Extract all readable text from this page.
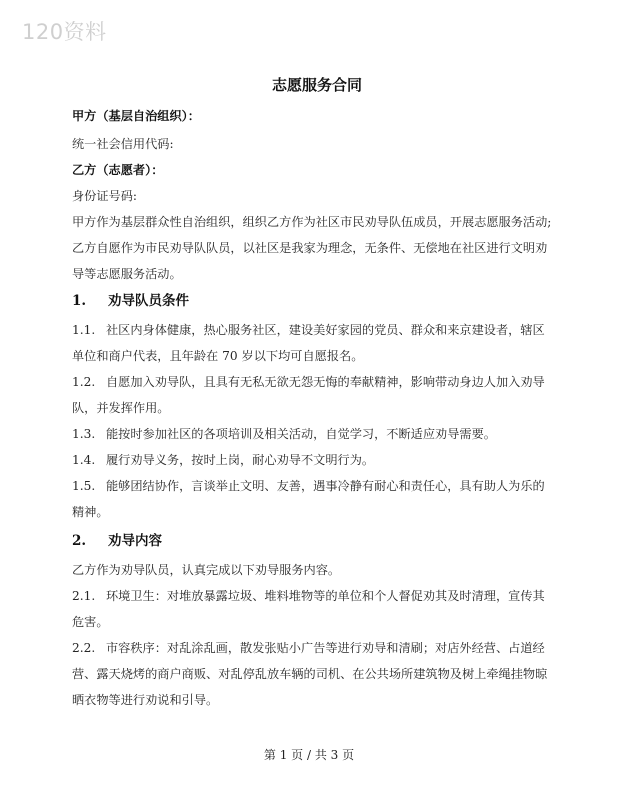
120资料
志愿服务合同
甲方（基层自治组织）：
统一社会信用代码:
乙方（志愿者）：
身份证号码:
甲方作为基层群众性自治组织，组织乙方作为社区市民劝导队伍成员，开展志愿服务活动;
乙方自愿作为市民劝导队队员，以社区是我家为理念，无条件、无偿地在社区进行文明劝
导等志愿服务活动。
1. 劝导队员条件
1.1. 社区内身体健康，热心服务社区，建设美好家园的党员、群众和来京建设者，辖区
单位和商户代表，且年龄在 70 岁以下均可自愿报名。
1.2. 自愿加入劝导队，且具有无私无欲无怨无悔的奉献精神，影响带动身边人加入劝导
队，并发挥作用。
1.3. 能按时参加社区的各项培训及相关活动，自觉学习，不断适应劝导需要。
1.4. 履行劝导义务，按时上岗，耐心劝导不文明行为。
1.5. 能够团结协作，言谈举止文明、友善，遇事冷静有耐心和责任心，具有助人为乐的
精神。
2. 劝导内容
乙方作为劝导队员，认真完成以下劝导服务内容。
2.1. 环境卫生：对堆放暴露垃圾、堆料堆物等的单位和个人督促劝其及时清理，宣传其
危害。
2.2. 市容秩序：对乱涂乱画，散发张贴小广告等进行劝导和清刷；对店外经营、占道经
营、露天烧烤的商户商贩、对乱停乱放车辆的司机、在公共场所建筑物及树上牵绳挂物晾
晒衣物等进行劝说和引导。
第 1 页 / 共 3 页
